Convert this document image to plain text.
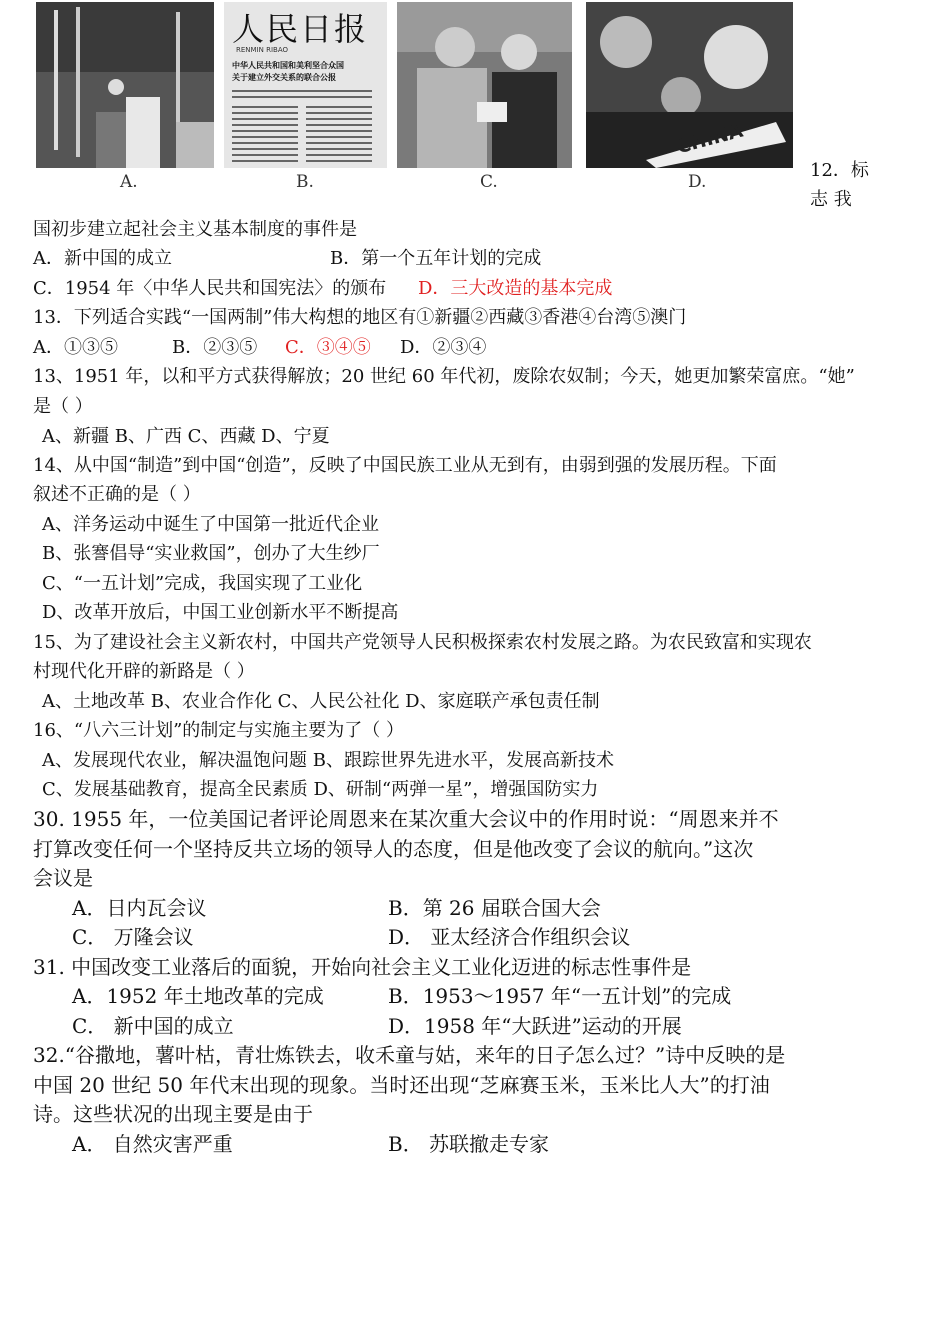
人民日报
RENMIN RIBAO
中华人民共和国和美利坚合众国
关于建立外交关系的联合公报
CHINA
A.	B.	C.	D.
12．标
志 我
国初步建立起社会主义基本制度的事件是
A．新中国的成立	B．第一个五年计划的完成
C．1954 年〈中华人民共和国宪法〉的颁布 D．三大改造的基本完成
13．下列适合实践“一国两制”伟大构想的地区有①新疆②西藏③香港④台湾⑤澳门
A．①③⑤	B．②③⑤ C．③④⑤ D．②③④
13、1951 年，以和平方式获得解放；20 世纪 60 年代初，废除农奴制；今天，她更加繁荣富庶。“她”
是（ ）
A、新疆 B、广西 C、西藏 D、宁夏
14、从中国“制造”到中国“创造”，反映了中国民族工业从无到有，由弱到强的发展历程。下面
叙述不正确的是（ ）
A、洋务运动中诞生了中国第一批近代企业
B、张謇倡导“实业救国”，创办了大生纱厂
C、“一五计划”完成，我国实现了工业化
D、改革开放后，中国工业创新水平不断提高
15、为了建设社会主义新农村，中国共产党领导人民积极探索农村发展之路。为农民致富和实现农
村现代化开辟的新路是（ ）
A、土地改革 B、农业合作化 C、人民公社化 D、家庭联产承包责任制
16、“八六三计划”的制定与实施主要为了（ ）
A、发展现代农业，解决温饱问题 B、跟踪世界先进水平，发展高新技术
C、发展基础教育，提高全民素质 D、研制“两弹一星”，增强国防实力
30. 1955 年，一位美国记者评论周恩来在某次重大会议中的作用时说：“周恩来并不
打算改变任何一个坚持反共立场的领导人的态度，但是他改变了会议的航向。”这次
会议是
A．日内瓦会议	B．第 26 届联合国大会
C． 万隆会议	D． 亚太经济合作组织会议
31. 中国改变工业落后的面貌，开始向社会主义工业化迈进的标志性事件是
A．1952 年土地改革的完成	B．1953～1957 年“一五计划”的完成
C． 新中国的成立	D．1958 年“大跃进”运动的开展
32.“谷撒地，薯叶枯，青壮炼铁去，收禾童与姑，来年的日子怎么过？”诗中反映的是
中国 20 世纪 50 年代末出现的现象。当时还出现“芝麻赛玉米，玉米比人大”的打油
诗。这些状况的出现主要是由于
A． 自然灾害严重	B． 苏联撤走专家
